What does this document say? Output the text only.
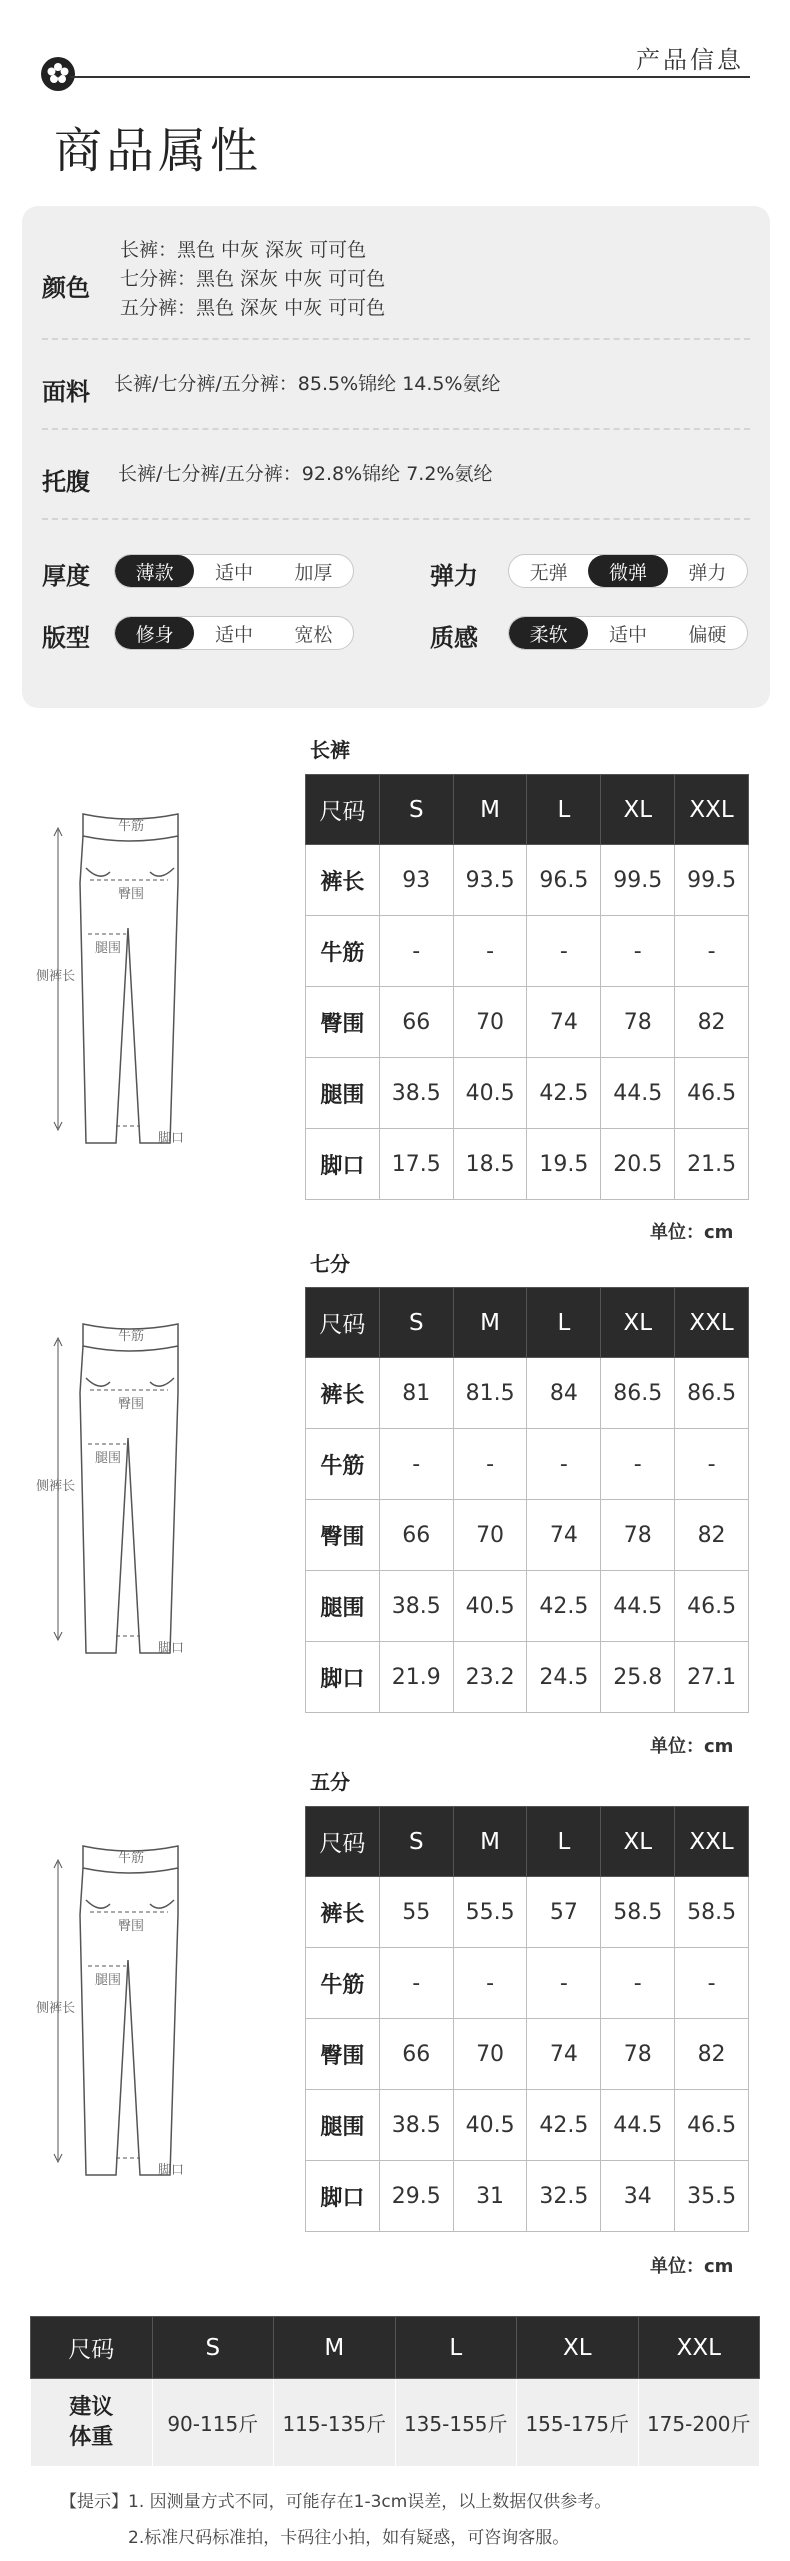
产品信息
商品属性
颜色
长裤：黑色 中灰 深灰 可可色
七分裤：黑色 深灰 中灰 可可色
五分裤：黑色 深灰 中灰 可可色
面料 长裤/七分裤/五分裤：85.5%锦纶 14.5%氨纶
托腹 长裤/七分裤/五分裤：92.8%锦纶 7.2%氨纶
厚度	薄款	适中	加厚	弹力	无弹	微弹	弹力
版型	修身	适中	宽松	质感	柔软	适中	偏硬
长裤
牛筋
臀围
腿围
侧裤长
脚口
尺码	S	M	L	XL	XXL
裤长	93	93.5	96.5	99.5	99.5
牛筋	-	-	-	-	-
臀围	66	70	74	78	82
腿围	38.5	40.5	42.5	44.5	46.5
脚口	17.5	18.5	19.5	20.5	21.5
单位：cm
七分
牛筋
臀围
腿围
侧裤长
脚口
尺码	S	M	L	XL	XXL
裤长	81	81.5	84	86.5	86.5
牛筋	-	-	-	-	-
臀围	66	70	74	78	82
腿围	38.5	40.5	42.5	44.5	46.5
脚口	21.9	23.2	24.5	25.8	27.1
单位：cm
五分
牛筋
臀围
腿围
侧裤长
脚口
尺码	S	M	L	XL	XXL
裤长	55	55.5	57	58.5	58.5
牛筋	-	-	-	-	-
臀围	66	70	74	78	82
腿围	38.5	40.5	42.5	44.5	46.5
脚口	29.5	31	32.5	34	35.5
单位：cm
尺码	S	M	L	XL	XXL
建议
体重	90-115斤	115-135斤	135-155斤	155-175斤	175-200斤
【提示】1. 因测量方式不同，可能存在1-3cm误差，以上数据仅供参考。
2.标准尺码标准拍，卡码往小拍，如有疑惑，可咨询客服。
